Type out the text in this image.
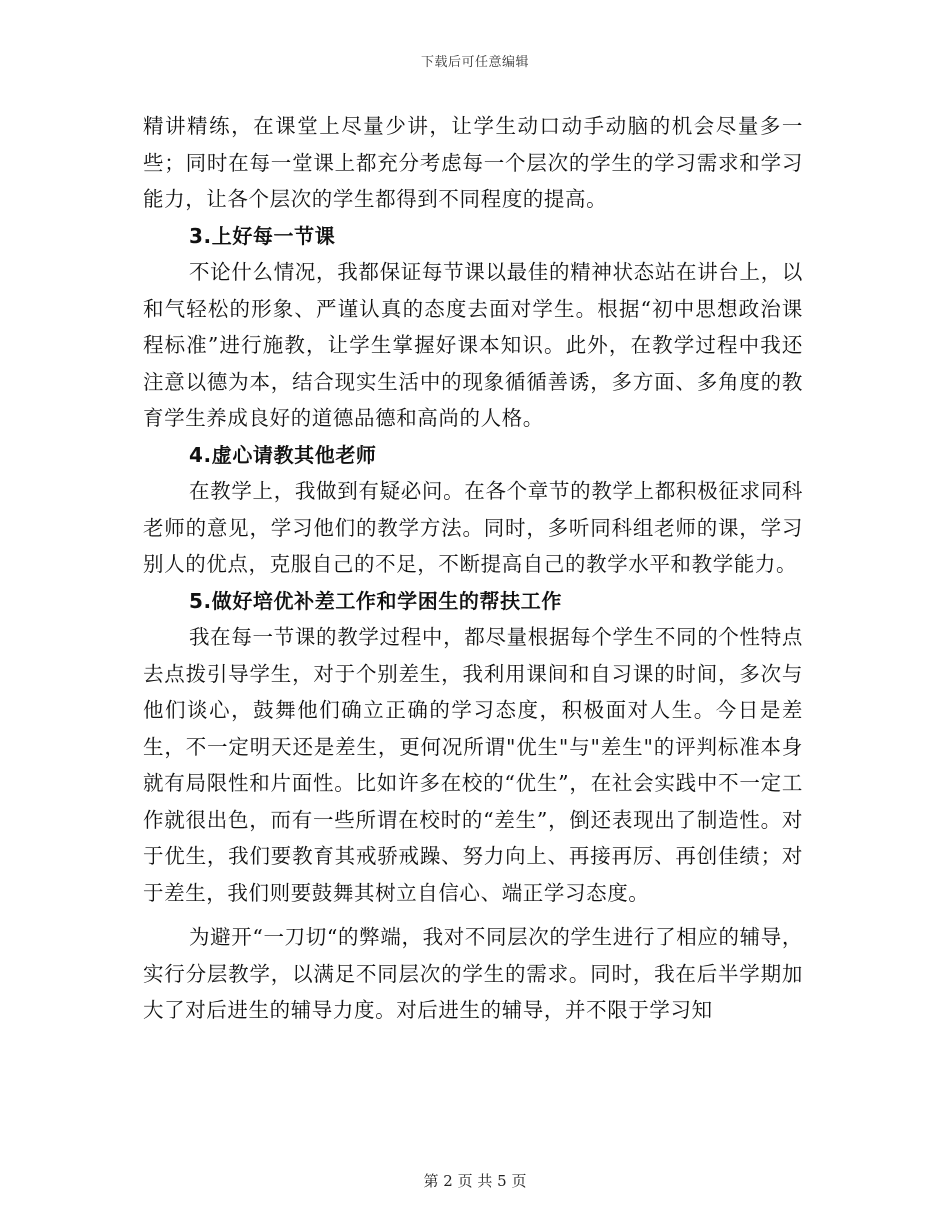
下载后可任意编辑

精讲精练，在课堂上尽量少讲，让学生动口动手动脑的机会尽量多一些；同时在每一堂课上都充分考虑每一个层次的学生的学习需求和学习能力，让各个层次的学生都得到不同程度的提高。

3.上好每一节课

不论什么情况，我都保证每节课以最佳的精神状态站在讲台上，以和气轻松的形象、严谨认真的态度去面对学生。根据“初中思想政治课程标准”进行施教，让学生掌握好课本知识。此外，在教学过程中我还注意以德为本，结合现实生活中的现象循循善诱，多方面、多角度的教育学生养成良好的道德品德和高尚的人格。

4.虚心请教其他老师

在教学上，我做到有疑必问。在各个章节的教学上都积极征求同科老师的意见，学习他们的教学方法。同时，多听同科组老师的课，学习别人的优点，克服自己的不足，不断提高自己的教学水平和教学能力。

5.做好培优补差工作和学困生的帮扶工作

我在每一节课的教学过程中，都尽量根据每个学生不同的个性特点去点拨引导学生，对于个别差生，我利用课间和自习课的时间，多次与他们谈心，鼓舞他们确立正确的学习态度，积极面对人生。今日是差生，不一定明天还是差生，更何况所谓"优生"与"差生"的评判标准本身就有局限性和片面性。比如许多在校的“优生”，在社会实践中不一定工作就很出色，而有一些所谓在校时的“差生”，倒还表现出了制造性。对于优生，我们要教育其戒骄戒躁、努力向上、再接再厉、再创佳绩；对于差生，我们则要鼓舞其树立自信心、端正学习态度。

为避开“一刀切“的弊端，我对不同层次的学生进行了相应的辅导，实行分层教学，以满足不同层次的学生的需求。同时，我在后半学期加大了对后进生的辅导力度。对后进生的辅导，并不限于学习知

第 2 页 共 5 页
